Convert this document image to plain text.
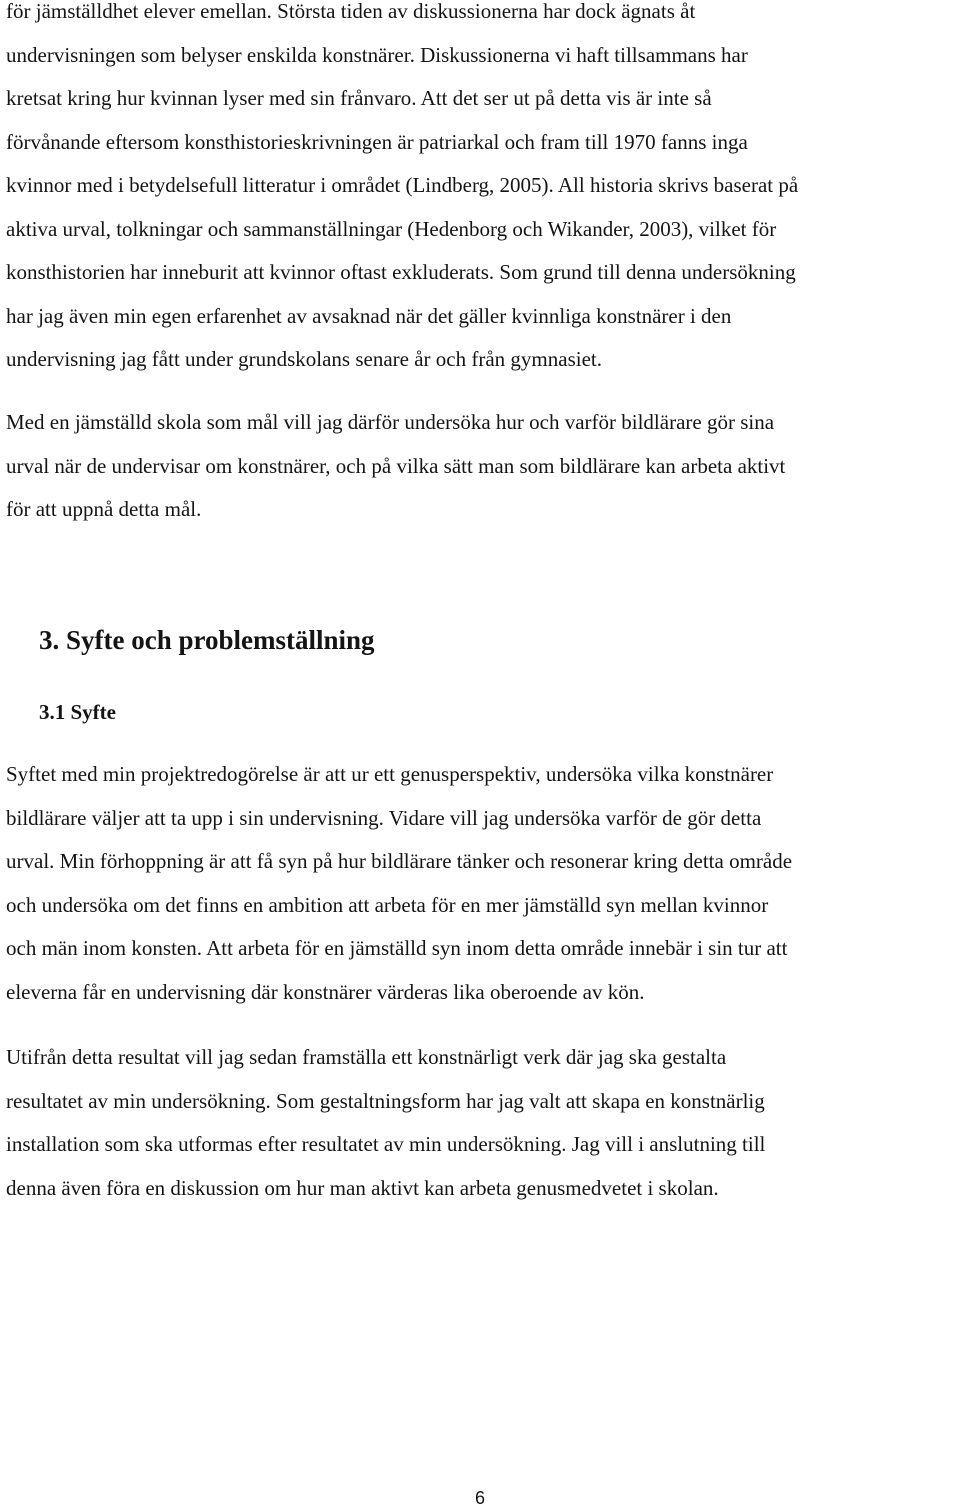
för jämställdhet elever emellan. Största tiden av diskussionerna har dock ägnats åt
undervisningen som belyser enskilda konstnärer. Diskussionerna vi haft tillsammans har
kretsat kring hur kvinnan lyser med sin frånvaro. Att det ser ut på detta vis är inte så
förvånande eftersom konsthistorieskrivningen är patriarkal och fram till 1970 fanns inga
kvinnor med i betydelsefull litteratur i området (Lindberg, 2005). All historia skrivs baserat på
aktiva urval, tolkningar och sammanställningar (Hedenborg och Wikander, 2003), vilket för
konsthistorien har inneburit att kvinnor oftast exkluderats. Som grund till denna undersökning
har jag även min egen erfarenhet av avsaknad när det gäller kvinnliga konstnärer i den
undervisning jag fått under grundskolans senare år och från gymnasiet.
Med en jämställd skola som mål vill jag därför undersöka hur och varför bildlärare gör sina
urval när de undervisar om konstnärer, och på vilka sätt man som bildlärare kan arbeta aktivt
för att uppnå detta mål.
3. Syfte och problemställning
3.1 Syfte
Syftet med min projektredogörelse är att ur ett genusperspektiv, undersöka vilka konstnärer
bildlärare väljer att ta upp i sin undervisning. Vidare vill jag undersöka varför de gör detta
urval. Min förhoppning är att få syn på hur bildlärare tänker och resonerar kring detta område
och undersöka om det finns en ambition att arbeta för en mer jämställd syn mellan kvinnor
och män inom konsten. Att arbeta för en jämställd syn inom detta område innebär i sin tur att
eleverna får en undervisning där konstnärer värderas lika oberoende av kön.
Utifrån detta resultat vill jag sedan framställa ett konstnärligt verk där jag ska gestalta
resultatet av min undersökning. Som gestaltningsform har jag valt att skapa en konstnärlig
installation som ska utformas efter resultatet av min undersökning. Jag vill i anslutning till
denna även föra en diskussion om hur man aktivt kan arbeta genusmedvetet i skolan.
6
